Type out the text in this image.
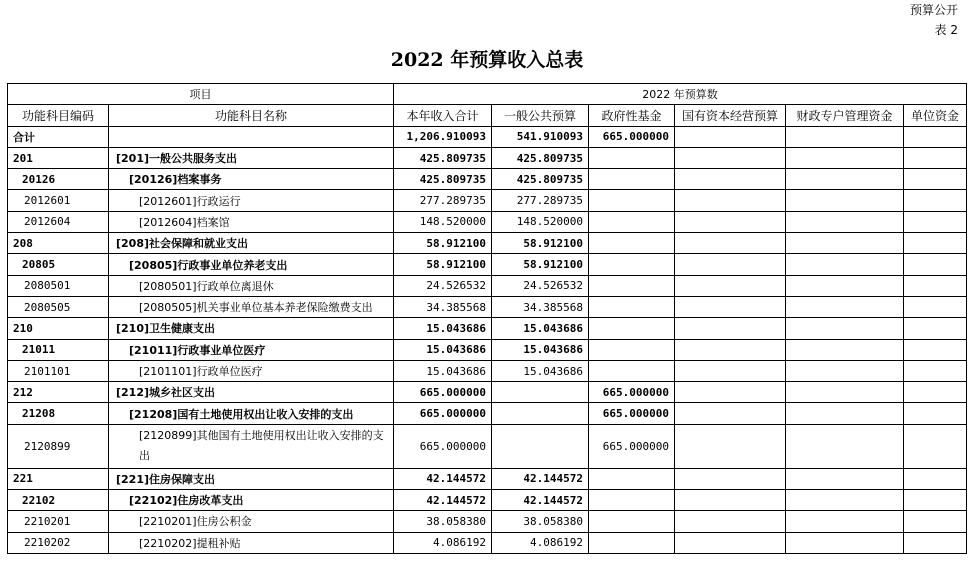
预算公开
表 2
2022 年预算收入总表
项目		2022 年预算数					
功能科目编码	功能科目名称	本年收入合计	一般公共预算	政府性基金	国有资本经营预算	财政专户管理资金	单位资金
合计		1,206.910093	541.910093	665.000000			
201	[201]一般公共服务支出	425.809735	425.809735				
20126	[20126]档案事务	425.809735	425.809735				
2012601	[2012601]行政运行	277.289735	277.289735				
2012604	[2012604]档案馆	148.520000	148.520000				
208	[208]社会保障和就业支出	58.912100	58.912100				
20805	[20805]行政事业单位养老支出	58.912100	58.912100				
2080501	[2080501]行政单位离退休	24.526532	24.526532				
2080505	[2080505]机关事业单位基本养老保险缴费支出	34.385568	34.385568				
210	[210]卫生健康支出	15.043686	15.043686				
21011	[21011]行政事业单位医疗	15.043686	15.043686				
2101101	[2101101]行政单位医疗	15.043686	15.043686				
212	[212]城乡社区支出	665.000000		665.000000			
21208	[21208]国有土地使用权出让收入安排的支出	665.000000		665.000000			
2120899	[2120899]其他国有土地使用权出让收入安排的支出	665.000000		665.000000			
221	[221]住房保障支出	42.144572	42.144572				
22102	[22102]住房改革支出	42.144572	42.144572				
2210201	[2210201]住房公积金	38.058380	38.058380				
2210202	[2210202]提租补贴	4.086192	4.086192				
